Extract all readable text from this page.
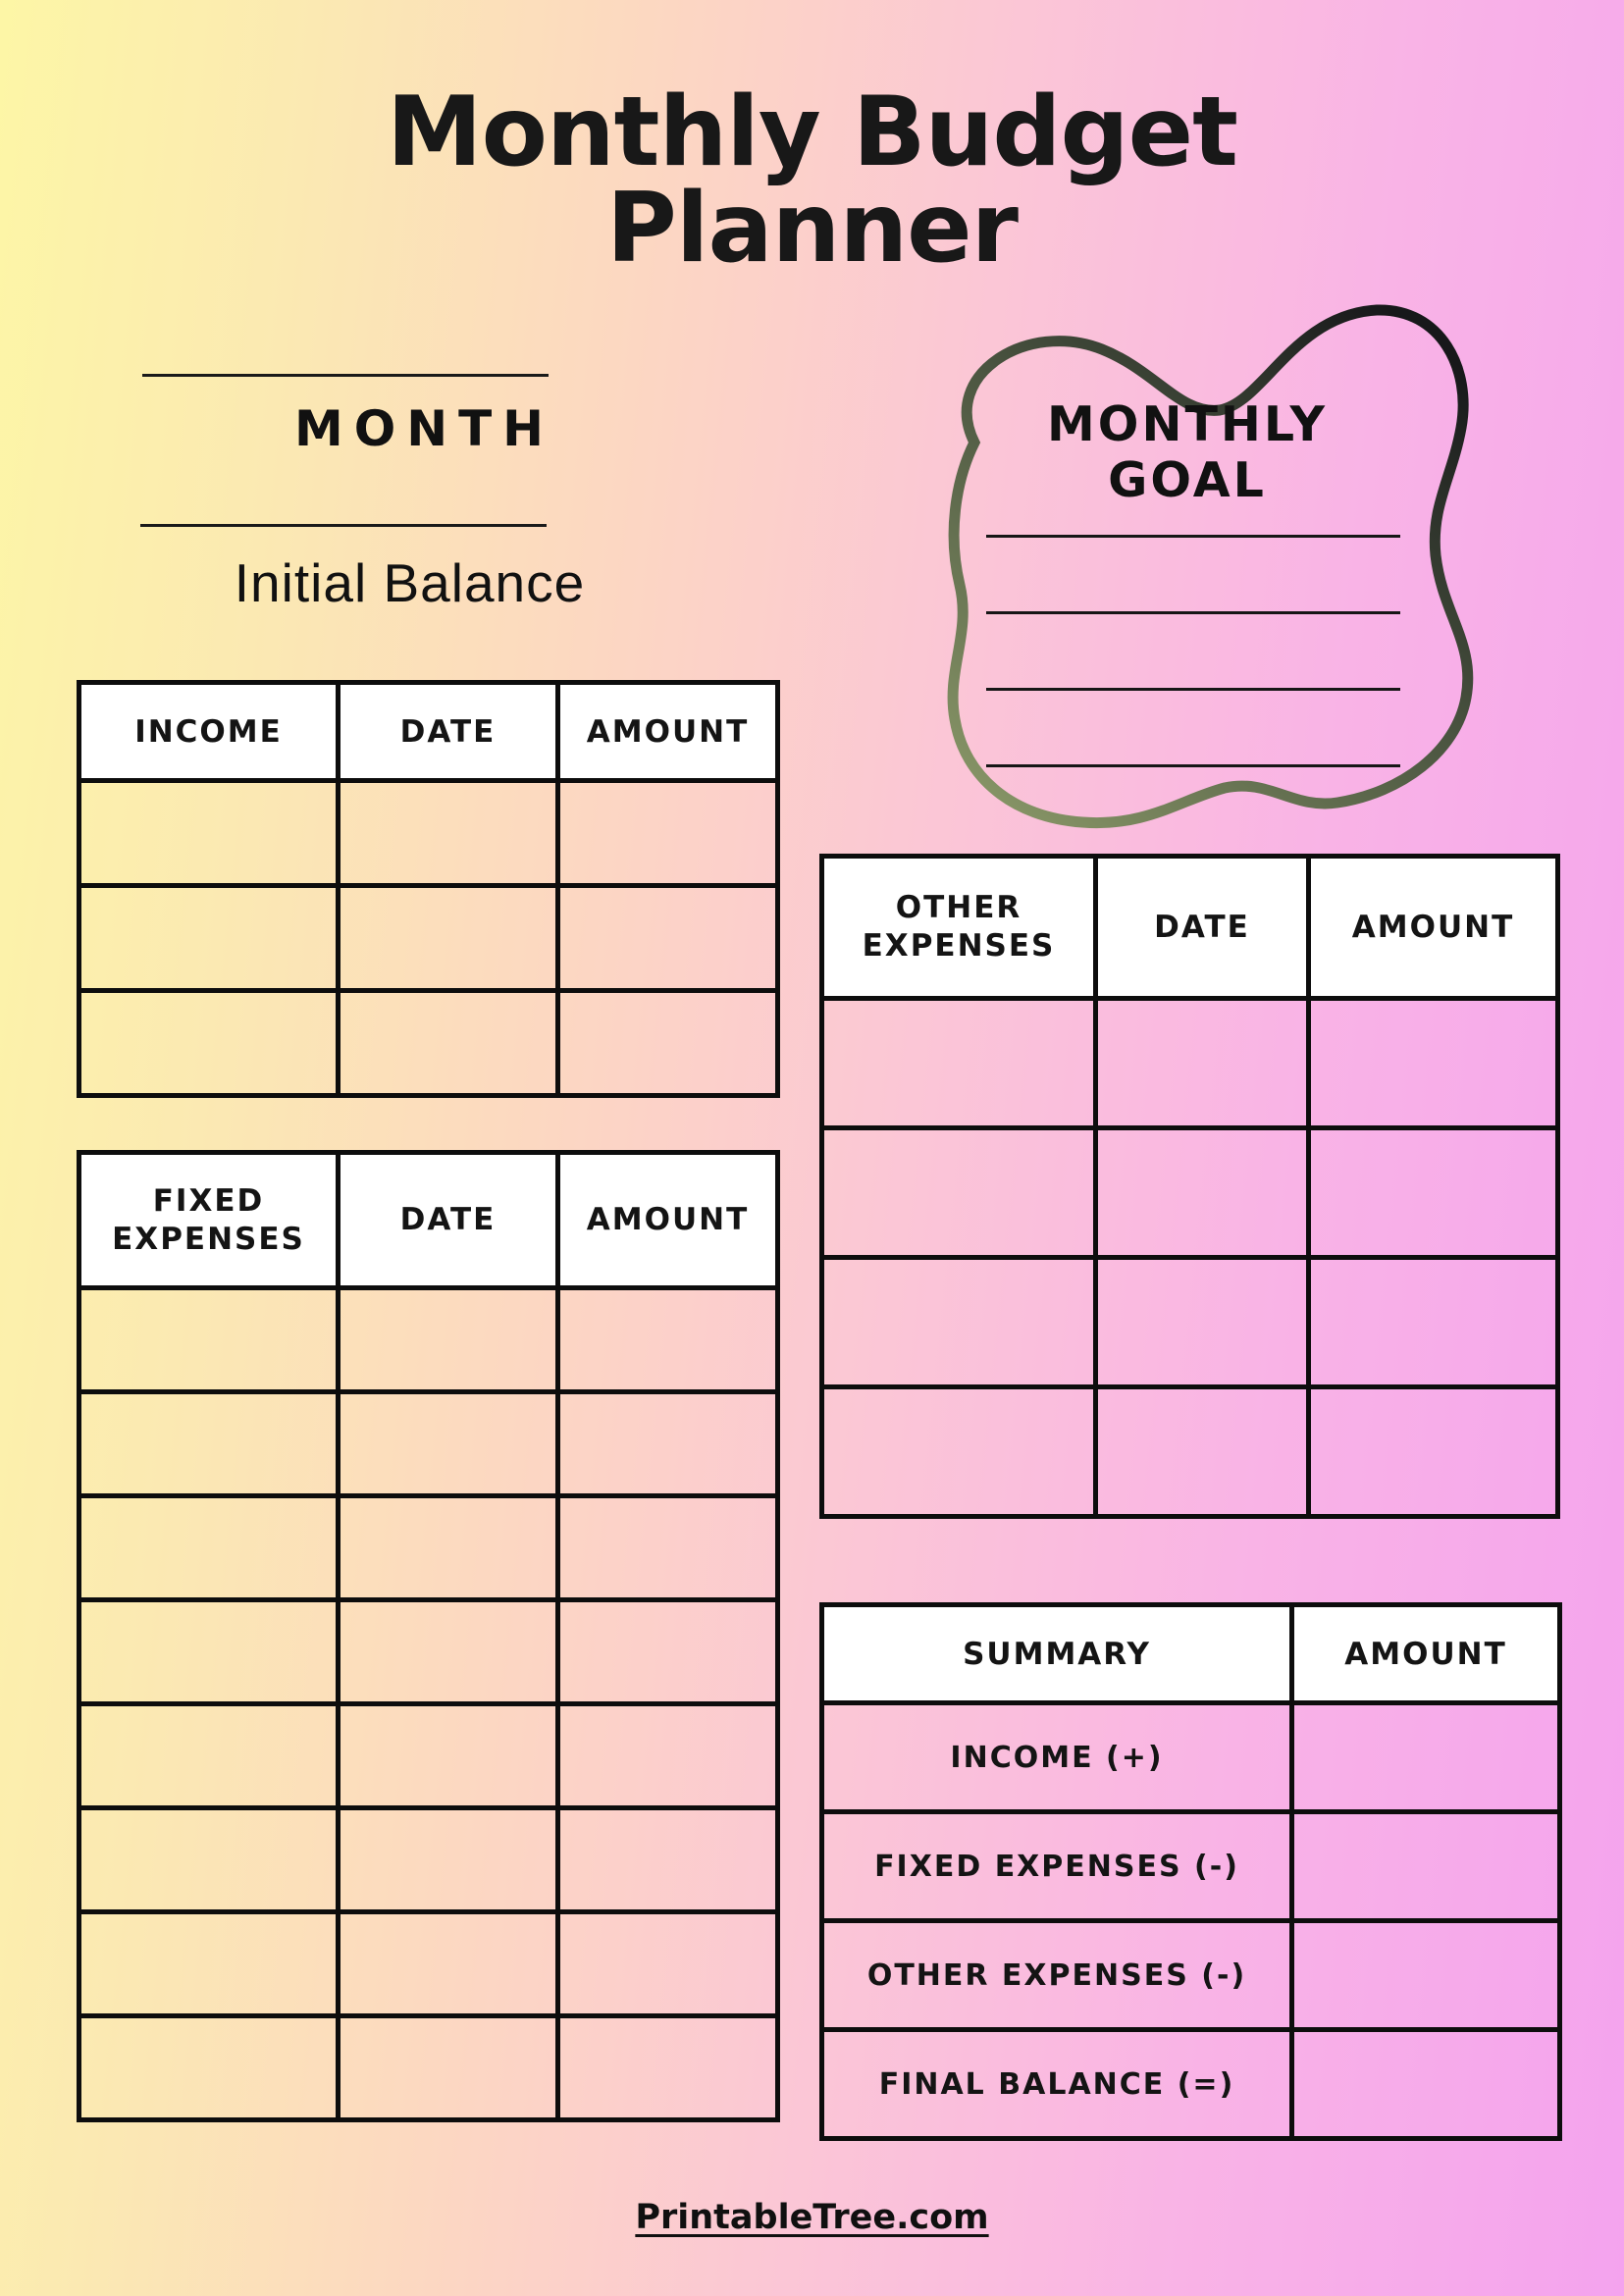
Monthly Budget
Planner
MONTH
Initial Balance
MONTHLY GOAL
INCOME	DATE	AMOUNT

FIXED EXPENSES	DATE	AMOUNT

OTHER EXPENSES	DATE	AMOUNT

SUMMARY	AMOUNT
INCOME (+)	
FIXED EXPENSES (-)	
OTHER EXPENSES (-)	
FINAL BALANCE (=)	
PrintableTree.com
